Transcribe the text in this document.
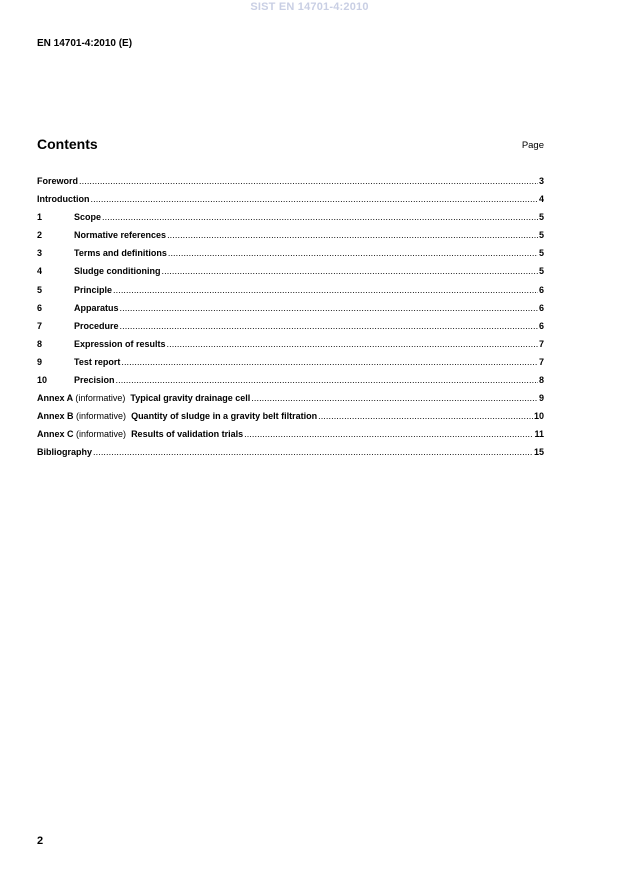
SIST EN 14701-4:2010
EN 14701-4:2010 (E)
Contents	Page
Foreword .....	3
Introduction .....	4
1	Scope .....	5
2	Normative references .....	5
3	Terms and definitions .....	5
4	Sludge conditioning .....	5
5	Principle .....	6
6	Apparatus .....	6
7	Procedure .....	6
8	Expression of results .....	7
9	Test report .....	7
10	Precision .....	8
Annex A (informative) Typical gravity drainage cell .....	9
Annex B (informative) Quantity of sludge in a gravity belt filtration .....	10
Annex C (informative) Results of validation trials .....	11
Bibliography .....	15
2
